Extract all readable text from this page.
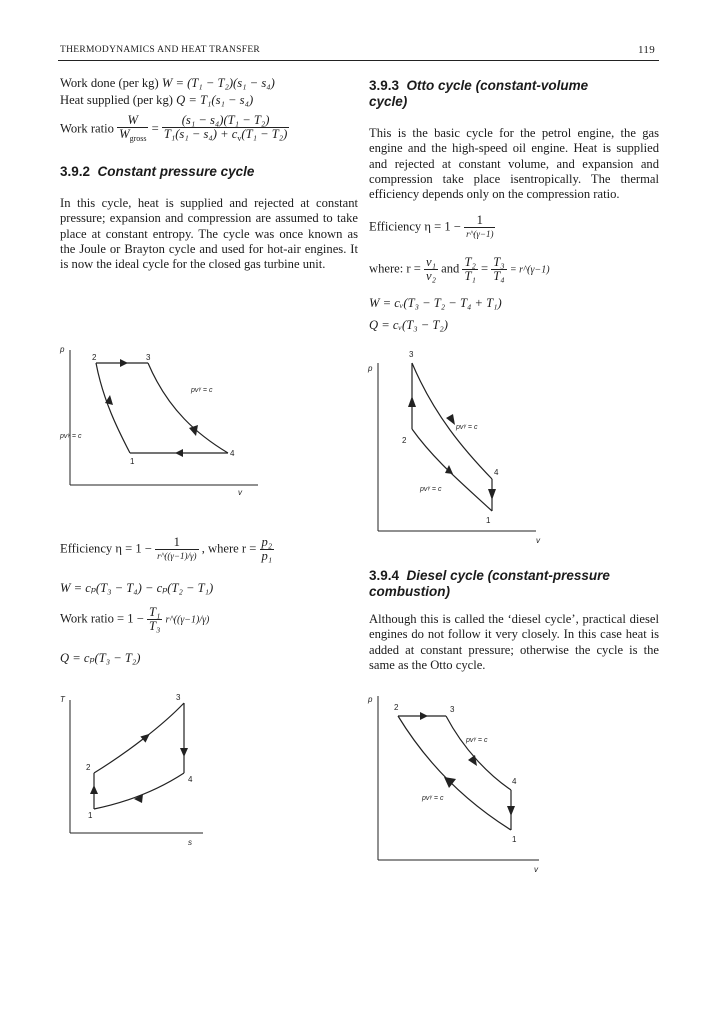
THERMODYNAMICS AND HEAT TRANSFER	119
Work done (per kg) W = (T₁ − T₂)(s₁ − s₄)
Heat supplied (per kg) Q = T₁(s₁ − s₄)
Work ratio $\frac{W}{W_{gross}} = \frac{\text{(s₁ − s₄)(T₁ − T₂)}}{T_1(s_1 - s_4) + c_v(T_1 - T_2)}$
3.9.2 Constant pressure cycle
In this cycle, heat is supplied and rejected at constant pressure; expansion and compression are assumed to take place at constant entropy. The cycle was once known as the Joule or Brayton cycle and used for hot-air engines. It is now the ideal cycle for the closed gas turbine unit.
p
v
2	3
4
1
pvᵞ = c
pvᵞ = c
Efficiency $\eta = 1 - \frac{1}{r\^{}((\gamma-1)/\gamma)}$ , where $r = \frac{\text{p₂}}{\text{p₁}}$
W = cₚ(T₃ − T₄) − cₚ(T₂ − T₁)
Work ratio = $1 - \frac{\text{T₁}}{\text{T₃}}$ r^((γ−1)/γ)
Q = cₚ(T₃ − T₂)
T
s
1
2
3
4
3.9.3 Otto cycle (constant-volume
cycle)
This is the basic cycle for the petrol engine, the gas engine and the high-speed oil engine. Heat is supplied and rejected at constant volume, and expansion and compression take place isentropically. The thermal efficiency depends only on the compression ratio.
Efficiency $\eta = 1 - \frac{1}{r\^{}(\gamma-1)}$
where: $r = \frac{\text{v₁}}{\text{v₂}}$ and $\frac{\text{T₂}}{\text{T₁}} = \frac{\text{T₃}}{\text{T₄}}$ = r^(γ−1)
W = cᵥ(T₃ − T₂ − T₄ + T₁)
Q = cᵥ(T₃ − T₂)
p
v
3
2
4
1
pvᵞ = c
pvᵞ = c
3.9.4 Diesel cycle (constant-pressure
combustion)
Although this is called the ‘diesel cycle’, practical diesel engines do not follow it very closely. In this case heat is added at constant pressure; otherwise the cycle is the same as the Otto cycle.
p
v
2	3
4
1
pvᵞ = c
pvᵞ = c
